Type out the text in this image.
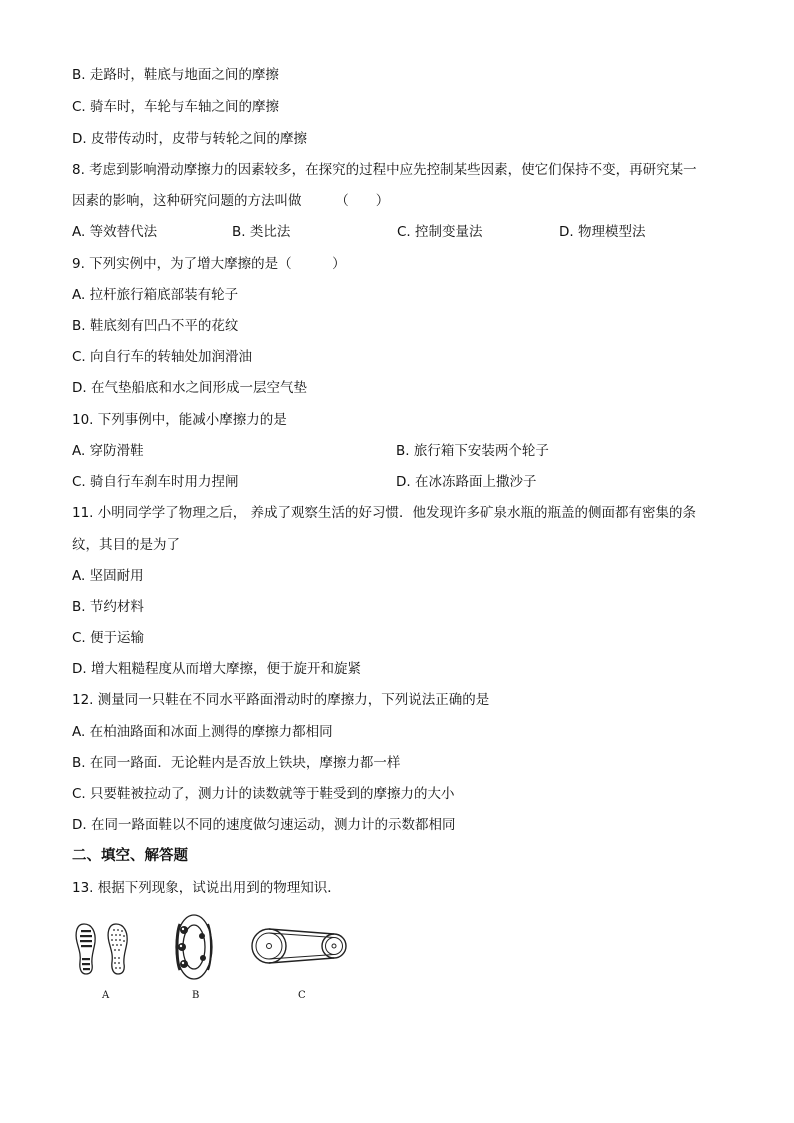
B. 走路时，鞋底与地面之间的摩擦
C. 骑车时，车轮与车轴之间的摩擦
D. 皮带传动时，皮带与转轮之间的摩擦
8. 考虑到影响滑动摩擦力的因素较多，在探究的过程中应先控制某些因素，使它们保持不变，再研究某一
因素的影响，这种研究问题的方法叫做　　　（　　）
A. 等效替代法	B. 类比法	C. 控制变量法	D. 物理模型法
9. 下列实例中，为了增大摩擦的是（　　　）
A. 拉杆旅行箱底部装有轮子
B. 鞋底刻有凹凸不平的花纹
C. 向自行车的转轴处加润滑油
D. 在气垫船底和水之间形成一层空气垫
10. 下列事例中，能减小摩擦力的是
A. 穿防滑鞋	B. 旅行箱下安装两个轮子
C. 骑自行车刹车时用力捏闸	D. 在冰冻路面上撒沙子
11. 小明同学学了物理之后， 养成了观察生活的好习惯．他发现许多矿泉水瓶的瓶盖的侧面都有密集的条
纹，其目的是为了
A. 坚固耐用
B. 节约材料
C. 便于运输
D. 增大粗糙程度从而增大摩擦，便于旋开和旋紧
12. 测量同一只鞋在不同水平路面滑动时的摩擦力，下列说法正确的是
A. 在柏油路面和冰面上测得的摩擦力都相同
B. 在同一路面．无论鞋内是否放上铁块，摩擦力都一样
C. 只要鞋被拉动了，测力计的读数就等于鞋受到的摩擦力的大小
D. 在同一路面鞋以不同的速度做匀速运动，测力计的示数都相同
二、填空、解答题
13. 根据下列现象，试说出用到的物理知识．
A	B	C
